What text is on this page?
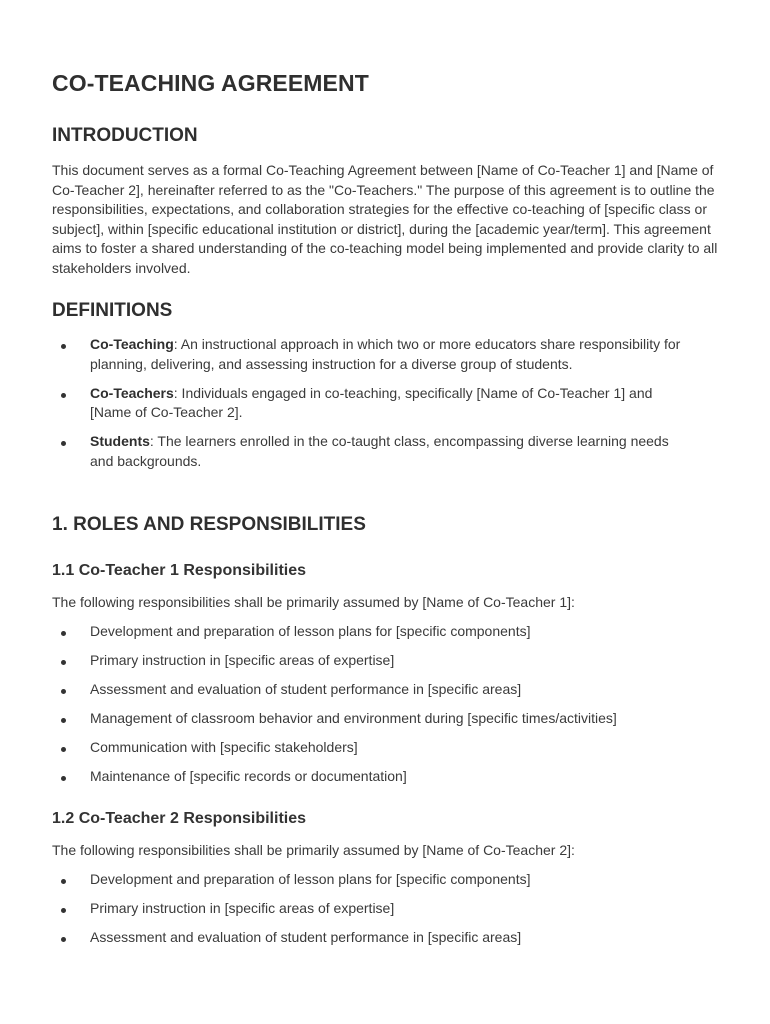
CO-TEACHING AGREEMENT
INTRODUCTION

This document serves as a formal Co-Teaching Agreement between [Name of Co-Teacher 1] and [Name of Co-Teacher 2], hereinafter referred to as the "Co-Teachers." The purpose of this agreement is to outline the responsibilities, expectations, and collaboration strategies for the effective co-teaching of [specific class or subject], within [specific educational institution or district], during the [academic year/term]. This agreement aims to foster a shared understanding of the co-teaching model being implemented and provide clarity to all stakeholders involved.

DEFINITIONS
Co-Teaching: An instructional approach in which two or more educators share responsibility for planning, delivering, and assessing instruction for a diverse group of students.
Co-Teachers: Individuals engaged in co-teaching, specifically [Name of Co-Teacher 1] and [Name of Co-Teacher 2].
Students: The learners enrolled in the co-taught class, encompassing diverse learning needs and backgrounds.
1. ROLES AND RESPONSIBILITIES
1.1 Co-Teacher 1 Responsibilities

The following responsibilities shall be primarily assumed by [Name of Co-Teacher 1]:

Development and preparation of lesson plans for [specific components]
Primary instruction in [specific areas of expertise]
Assessment and evaluation of student performance in [specific areas]
Management of classroom behavior and environment during [specific times/activities]
Communication with [specific stakeholders]
Maintenance of [specific records or documentation]
1.2 Co-Teacher 2 Responsibilities

The following responsibilities shall be primarily assumed by [Name of Co-Teacher 2]:

Development and preparation of lesson plans for [specific components]
Primary instruction in [specific areas of expertise]
Assessment and evaluation of student performance in [specific areas]
